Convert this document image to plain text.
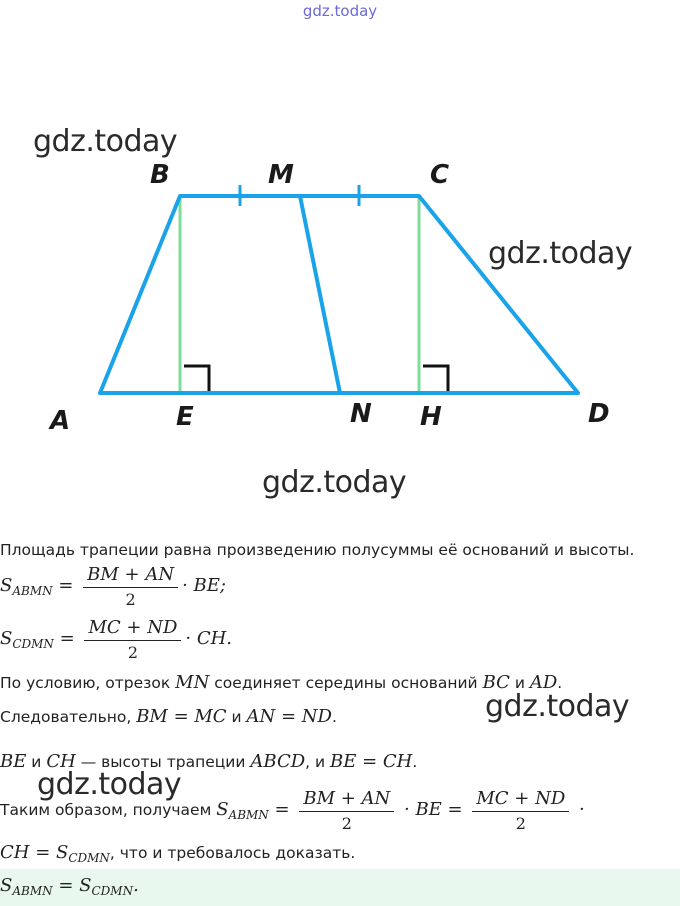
gdz.today
gdz.today
gdz.today
gdz.today
B	M	C
A	E	N H	D
Площадь трапеции равна произведению полусуммы её оснований и высоты.
$S_{ABMN} = \frac{BM + AN}{2}$ · BE;
$S_{CDMN} = \frac{MC + ND}{2}$ · CH.
По условию, отрезок MN соединяет середины оснований BC и AD.
Следовательно, BM = MC и AN = ND.	gdz.today
BE и CH — высоты трапеции ABCD, и BE = CH.
gdz.today
Таким образом, получаем $S_{ABMN} = \frac{BM + AN}{2}$ · BE = $\frac{MC + ND}{2}$ ·
CH = $S_{CDMN}$, что и требовалось доказать.
$S_{ABMN} = S_{CDMN}$.
